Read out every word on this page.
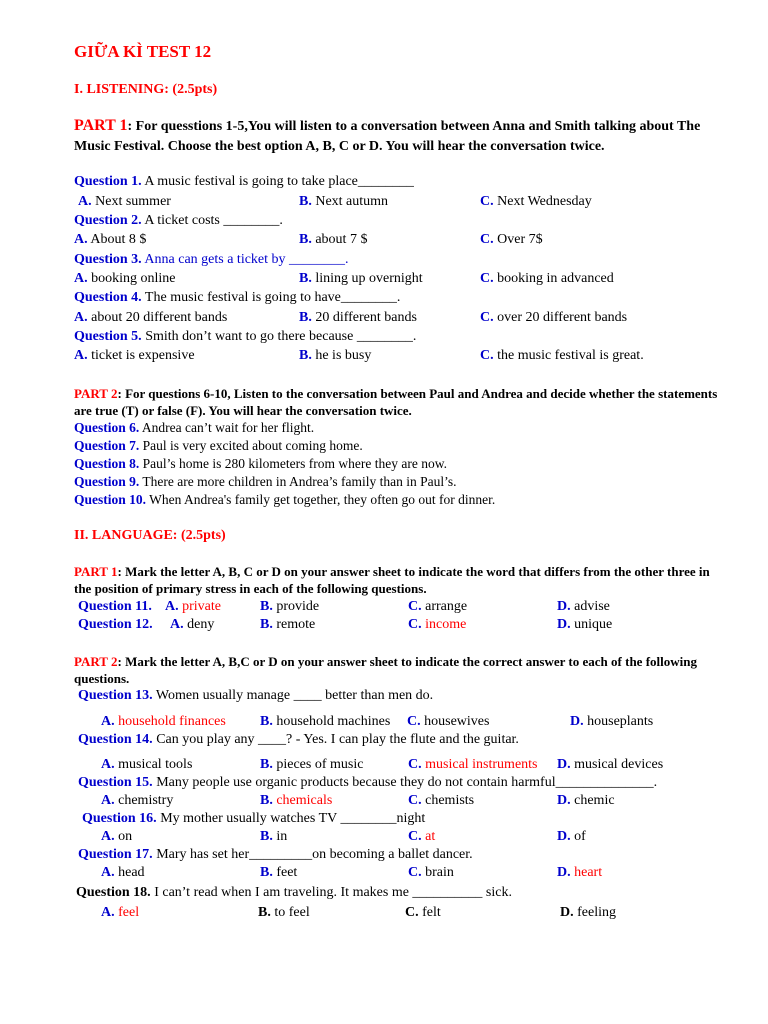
GIỮA KÌ TEST 12
I. LISTENING: (2.5pts)
PART 1: For quesstions 1-5,You will listen to a conversation between Anna and Smith talking about The Music Festival. Choose the best option A, B, C or D. You will hear the conversation twice.
Question 1. A music festival is going to take place________
A. Next summer	B. Next autumn	C. Next Wednesday
Question 2. A ticket costs ________.
A. About 8 $	B. about 7 $	C. Over 7$
Question 3. Anna can gets a ticket by ________.
A. booking online	B. lining up overnight	C. booking in advanced
Question 4. The music festival is going to have________.
A. about 20 different bands	B. 20 different bands	C. over 20 different bands
Question 5. Smith don’t want to go there because ________.
A. ticket is expensive	B. he is busy	C. the music festival is great.
PART 2: For questions 6-10, Listen to the conversation between Paul and Andrea and decide whether the statements are true (T) or false (F). You will hear the conversation twice.
Question 6. Andrea can’t wait for her flight.
Question 7. Paul is very excited about coming home.
Question 8. Paul’s home is 280 kilometers from where they are now.
Question 9. There are more children in Andrea’s family than in Paul’s.
Question 10. When Andrea's family get together, they often go out for dinner.
II. LANGUAGE: (2.5pts)
PART 1: Mark the letter A, B, C or D on your answer sheet to indicate the word that differs from the other three in the position of primary stress in each of the following questions.
Question 11. A. private	B. provide	C. arrange	D. advise
Question 12. A. deny	B. remote	C. income	D. unique
PART 2: Mark the letter A, B,C or D on your answer sheet to indicate the correct answer to each of the following questions.
Question 13. Women usually manage ____ better than men do.
A. household finances B. household machines C. housewives	D. houseplants
Question 14. Can you play any ____? - Yes. I can play the flute and the guitar.
A. musical tools	B. pieces of music	C. musical instruments D. musical devices
Question 15. Many people use organic products because they do not contain harmful______________.
A. chemistry	B. chemicals	C. chemists	D. chemic
Question 16. My mother usually watches TV ________night
A. on	B. in	C. at	D. of
Question 17. Mary has set her_________on becoming a ballet dancer.
A. head	B. feet	C. brain	D. heart
Question 18. I can’t read when I am traveling. It makes me __________ sick.
A. feel	B. to feel	C. felt	D. feeling
